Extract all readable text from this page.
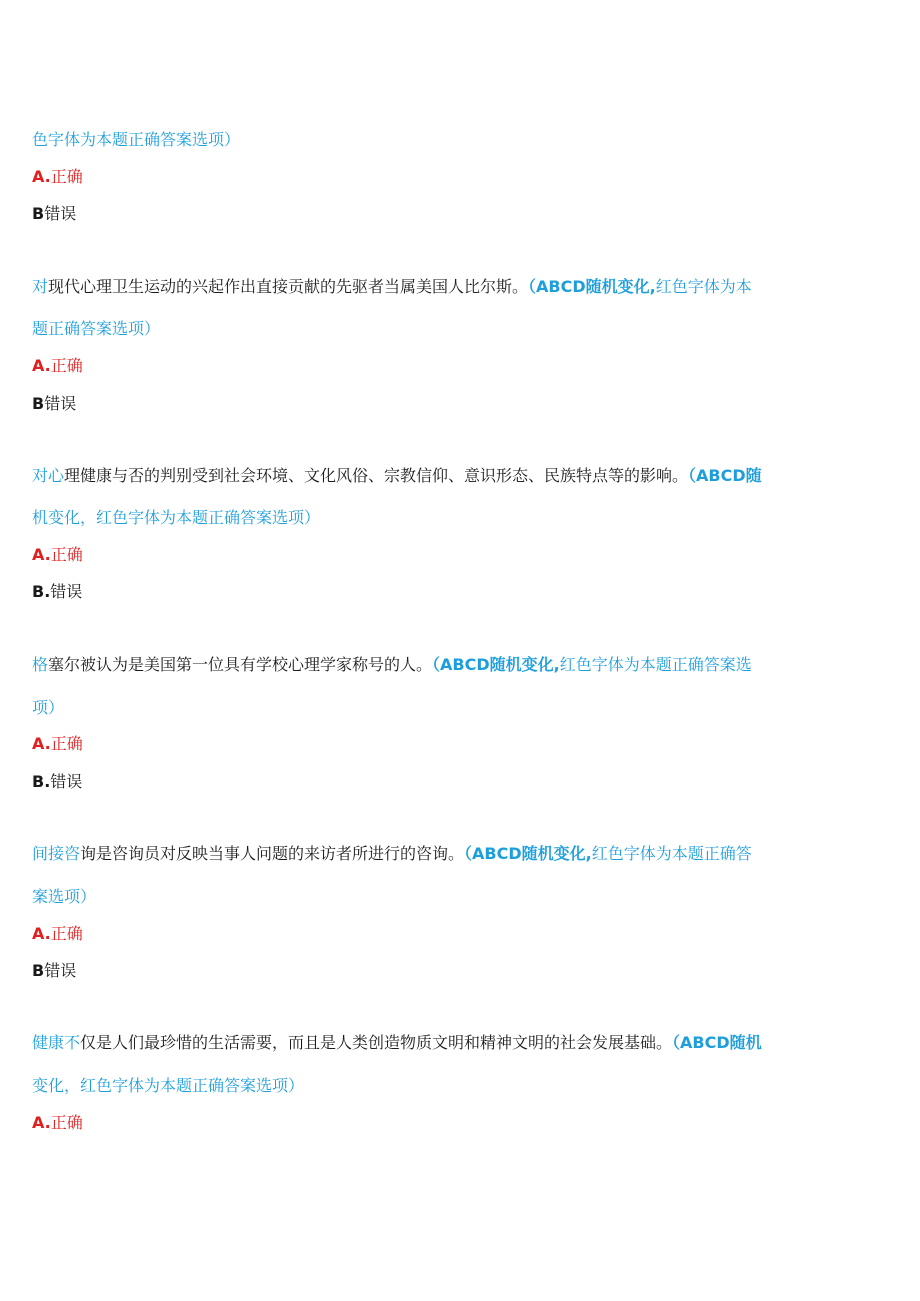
色字体为本题正确答案选项）
A.正确
B错误
对现代心理卫生运动的兴起作出直接贡献的先驱者当属美国人比尔斯。（ABCD随机变化,红色字体为本
题正确答案选项）
A.正确
B错误
对心理健康与否的判别受到社会环境、文化风俗、宗教信仰、意识形态、民族特点等的影响。（ABCD随
机变化，红色字体为本题正确答案选项）
A.正确
B.错误
格塞尔被认为是美国第一位具有学校心理学家称号的人。（ABCD随机变化,红色字体为本题正确答案选
项）
A.正确
B.错误
间接咨询是咨询员对反映当事人问题的来访者所进行的咨询。（ABCD随机变化,红色字体为本题正确答
案选项）
A.正确
B错误
健康不仅是人们最珍惜的生活需要，而且是人类创造物质文明和精神文明的社会发展基础。（ABCD随机
变化，红色字体为本题正确答案选项）
A.正确
